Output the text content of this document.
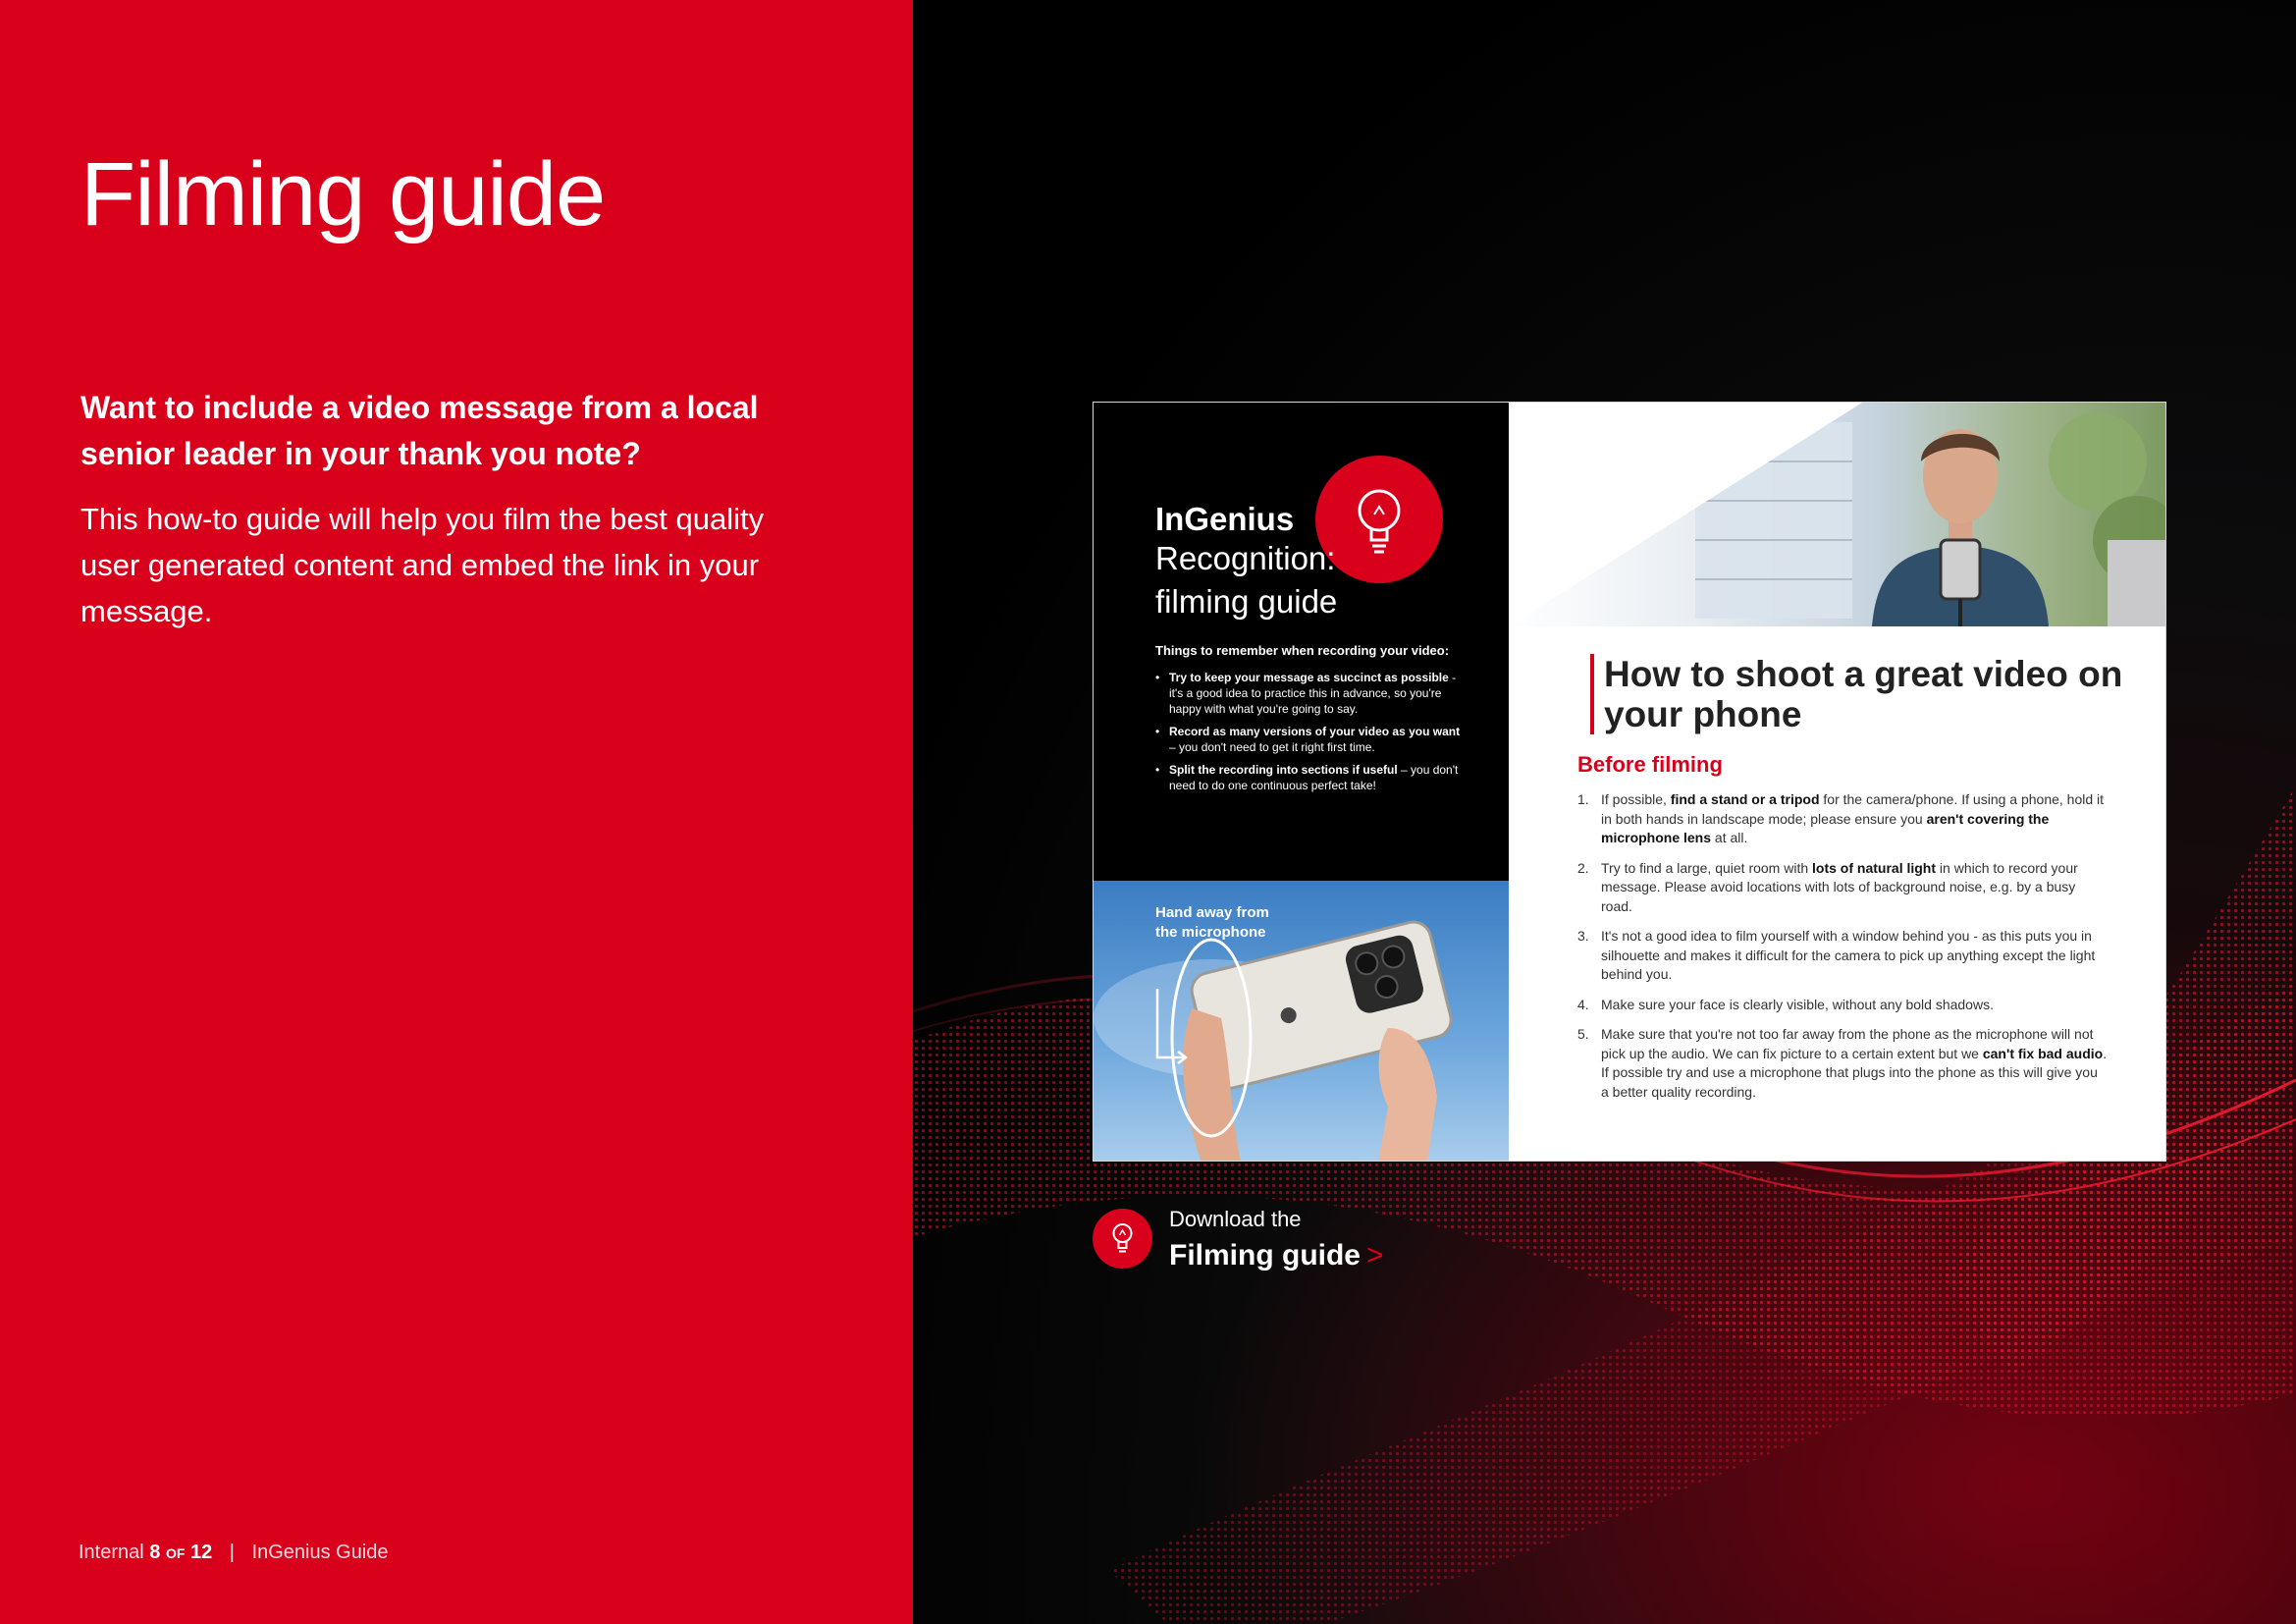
Filming guide

Want to include a video message from a local senior leader in your thank you note?

This how-to guide will help you film the best quality user generated content and embed the link in your message.

Internal 8 OF 12 | InGenius Guide
InGenius
Recognition:
filming guide
Things to remember when recording your video:
• Try to keep your message as succinct as possible - it's a good idea to practice this in advance, so you're happy with what you're going to say.
• Record as many versions of your video as you want – you don't need to get it right first time.
• Split the recording into sections if useful – you don't need to do one continuous perfect take!
Hand away from the microphone
How to shoot a great video on your phone
Before filming
1. If possible, find a stand or a tripod for the camera/phone. If using a phone, hold it in both hands in landscape mode; please ensure you aren't covering the microphone lens at all.
2. Try to find a large, quiet room with lots of natural light in which to record your message. Please avoid locations with lots of background noise, e.g. by a busy road.
3. It's not a good idea to film yourself with a window behind you - as this puts you in silhouette and makes it difficult for the camera to pick up anything except the light behind you.
4. Make sure your face is clearly visible, without any bold shadows.
5. Make sure that you're not too far away from the phone as the microphone will not pick up the audio. We can fix picture to a certain extent but we can't fix bad audio. If possible try and use a microphone that plugs into the phone as this will give you a better quality recording.
Download the
Filming guide >
